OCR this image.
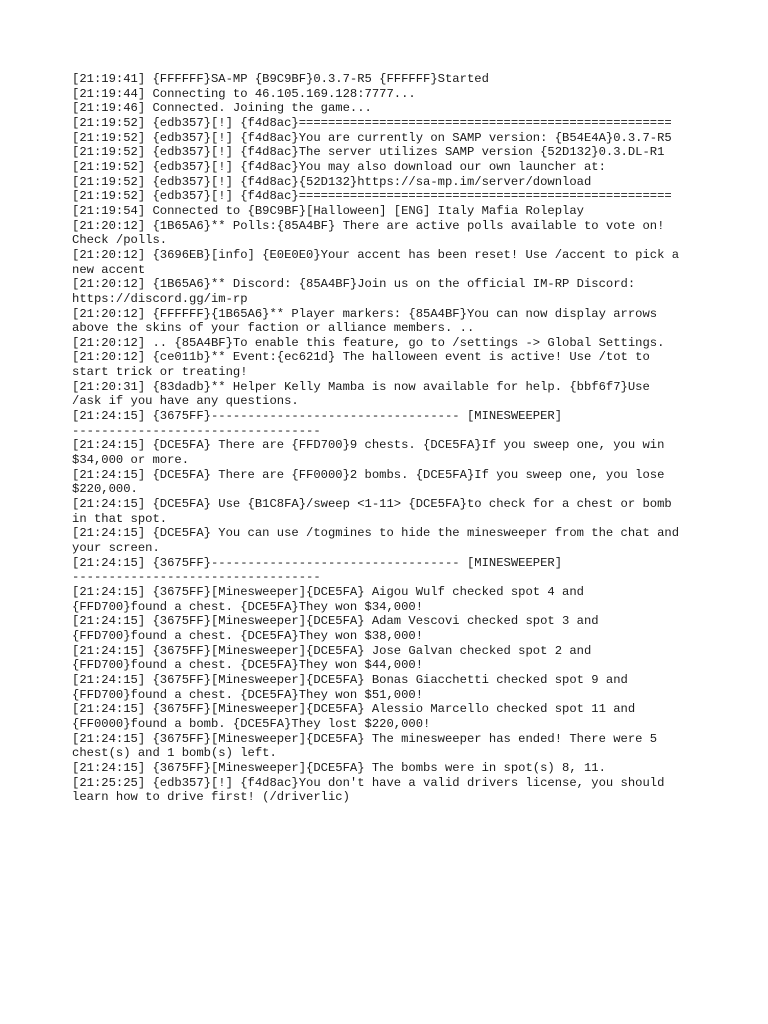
[21:19:41] {FFFFFF}SA-MP {B9C9BF}0.3.7-R5 {FFFFFF}Started
[21:19:44] Connecting to 46.105.169.128:7777...
[21:19:46] Connected. Joining the game...
[21:19:52] {edb357}[!] {f4d8ac}===================================================
[21:19:52] {edb357}[!] {f4d8ac}You are currently on SAMP version: {B54E4A}0.3.7-R5
[21:19:52] {edb357}[!] {f4d8ac}The server utilizes SAMP version {52D132}0.3.DL-R1
[21:19:52] {edb357}[!] {f4d8ac}You may also download our own launcher at:
[21:19:52] {edb357}[!] {f4d8ac}{52D132}https://sa-mp.im/server/download
[21:19:52] {edb357}[!] {f4d8ac}===================================================
[21:19:54] Connected to {B9C9BF}[Halloween] [ENG] Italy Mafia Roleplay
[21:20:12] {1B65A6}** Polls:{85A4BF} There are active polls available to vote on!
Check /polls.
[21:20:12] {3696EB}[info] {E0E0E0}Your accent has been reset! Use /accent to pick a
new accent
[21:20:12] {1B65A6}** Discord: {85A4BF}Join us on the official IM-RP Discord:
https://discord.gg/im-rp
[21:20:12] {FFFFFF}{1B65A6}** Player markers: {85A4BF}You can now display arrows
above the skins of your faction or alliance members. ..
[21:20:12] .. {85A4BF}To enable this feature, go to /settings -> Global Settings.
[21:20:12] {ce011b}** Event:{ec621d} The halloween event is active! Use /tot to
start trick or treating!
[21:20:31] {83dadb}** Helper Kelly Mamba is now available for help. {bbf6f7}Use
/ask if you have any questions.
[21:24:15] {3675FF}---------------------------------- [MINESWEEPER]
----------------------------------
[21:24:15] {DCE5FA} There are {FFD700}9 chests. {DCE5FA}If you sweep one, you win
$34,000 or more.
[21:24:15] {DCE5FA} There are {FF0000}2 bombs. {DCE5FA}If you sweep one, you lose
$220,000.
[21:24:15] {DCE5FA} Use {B1C8FA}/sweep <1-11> {DCE5FA}to check for a chest or bomb
in that spot.
[21:24:15] {DCE5FA} You can use /togmines to hide the minesweeper from the chat and
your screen.
[21:24:15] {3675FF}---------------------------------- [MINESWEEPER]
----------------------------------
[21:24:15] {3675FF}[Minesweeper]{DCE5FA} Aigou Wulf checked spot 4 and
{FFD700}found a chest. {DCE5FA}They won $34,000!
[21:24:15] {3675FF}[Minesweeper]{DCE5FA} Adam Vescovi checked spot 3 and
{FFD700}found a chest. {DCE5FA}They won $38,000!
[21:24:15] {3675FF}[Minesweeper]{DCE5FA} Jose Galvan checked spot 2 and
{FFD700}found a chest. {DCE5FA}They won $44,000!
[21:24:15] {3675FF}[Minesweeper]{DCE5FA} Bonas Giacchetti checked spot 9 and
{FFD700}found a chest. {DCE5FA}They won $51,000!
[21:24:15] {3675FF}[Minesweeper]{DCE5FA} Alessio Marcello checked spot 11 and
{FF0000}found a bomb. {DCE5FA}They lost $220,000!
[21:24:15] {3675FF}[Minesweeper]{DCE5FA} The minesweeper has ended! There were 5
chest(s) and 1 bomb(s) left.
[21:24:15] {3675FF}[Minesweeper]{DCE5FA} The bombs were in spot(s) 8, 11.
[21:25:25] {edb357}[!] {f4d8ac}You don't have a valid drivers license, you should
learn how to drive first! (/driverlic)
